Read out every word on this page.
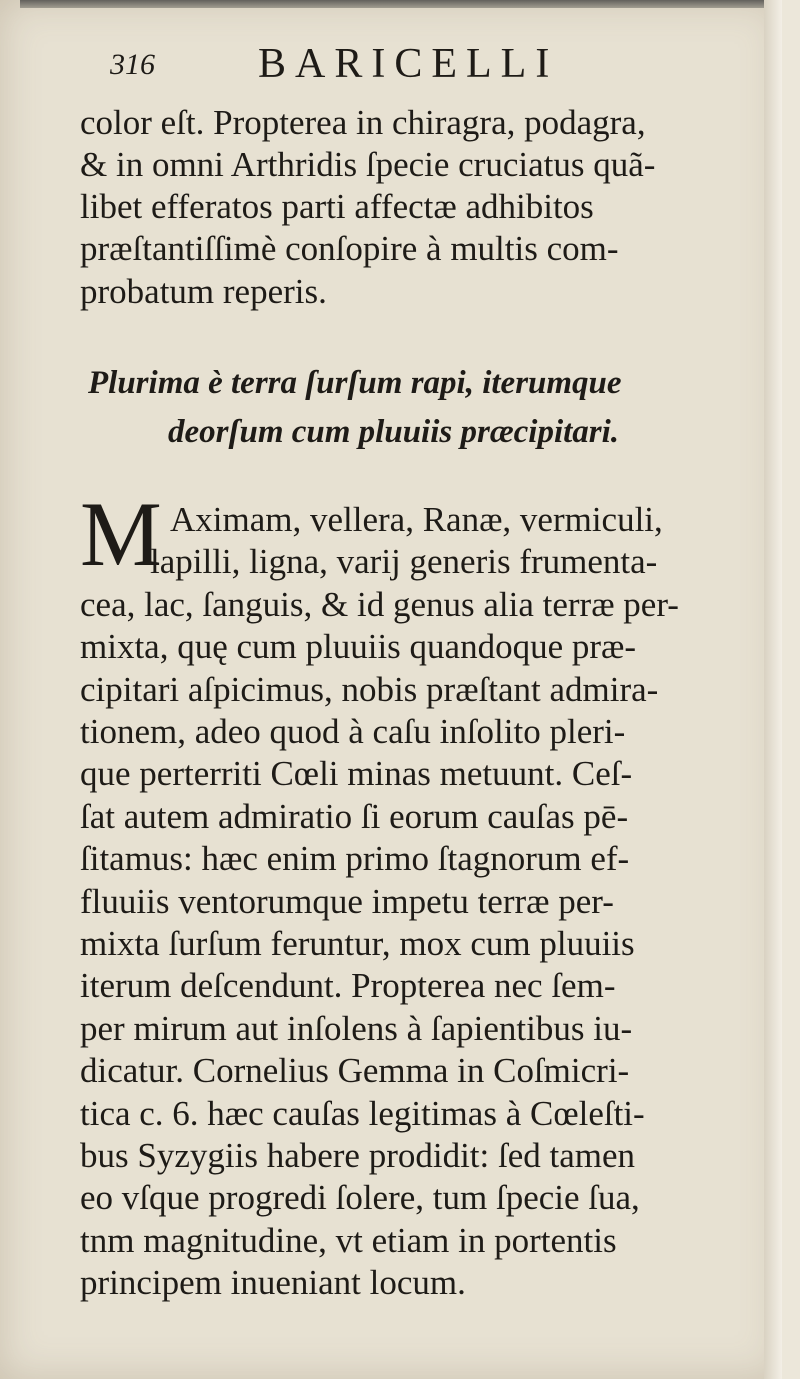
316 BARICELLI
color eſt. Propterea in chiragra, podagra,
& in omni Arthridis ſpecie cruciatus quã-
libet efferatos parti affectæ adhibitos
præſtantiſſimè conſopire à multis com-
probatum reperis.
Plurima è terra ſurſum rapi, iterumque
deorſum cum pluuiis præcipitari.
M Aximam, vellera, Ranæ, vermiculi,
lapilli, ligna, varij generis frumenta-
cea, lac, ſanguis, & id genus alia terræ per-
mixta, quę cum pluuiis quandoque præ-
cipitari aſpicimus, nobis præſtant admira-
tionem, adeo quod à caſu inſolito pleri-
que perterriti Cœli minas metuunt. Ceſ-
ſat autem admiratio ſi eorum cauſas pē-
ſitamus: hæc enim primo ſtagnorum ef-
fluuiis ventorumque impetu terræ per-
mixta ſurſum feruntur, mox cum pluuiis
iterum deſcendunt. Propterea nec ſem-
per mirum aut inſolens à ſapientibus iu-
dicatur. Cornelius Gemma in Coſmicri-
tica c. 6. hæc cauſas legitimas à Cœleſti-
bus Syzygiis habere prodidit: ſed tamen
eo vſque progredi ſolere, tum ſpecie ſua,
tnm magnitudine, vt etiam in portentis
principem inueniant locum.
